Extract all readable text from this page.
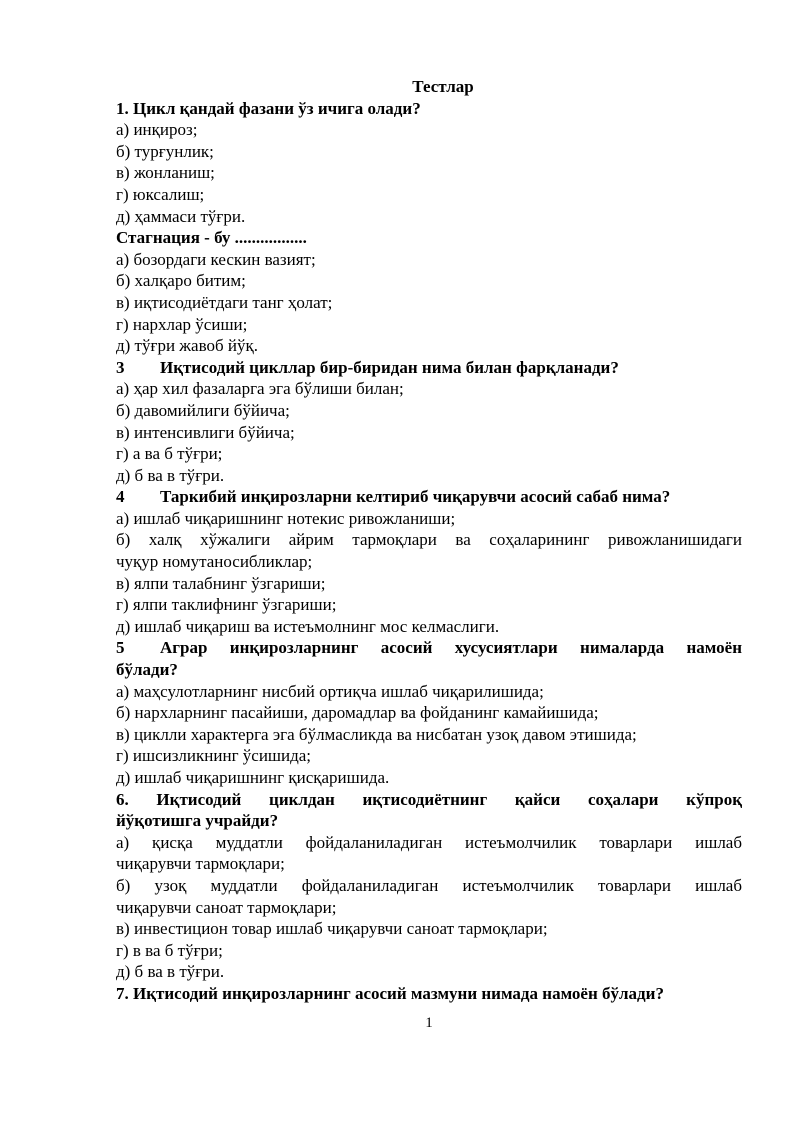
Тестлар

1. Цикл қандай фазани ўз ичига олади?

а) инқироз;

б) турғунлик;

в) жонланиш;

г) юксалиш;

д) ҳаммаси тўғри.

Стагнация - бу .................

а) бозордаги кескин вазият;

б) халқаро битим;

в) иқтисодиётдаги танг ҳолат;

г) нархлар ўсиши;

д) тўғри жавоб йўқ.

3	Иқтисодий цикллар бир-биридан нима билан фарқланади?

а) ҳар хил фазаларга эга бўлиши билан;

б) давомийлиги бўйича;

в) интенсивлиги бўйича;

г) а ва б тўғри;

д) б ва в тўғри.

4	Таркибий инқирозларни келтириб чиқарувчи асосий сабаб нима?

а) ишлаб чиқаришнинг нотекис ривожланиши;

б) халқ хўжалиги айрим тармоқлари ва соҳаларининг ривожланишидаги

чуқур номутаносибликлар;

в) ялпи талабнинг ўзгариши;

г) ялпи таклифнинг ўзгариши;

д) ишлаб чиқариш ва истеъмолнинг мос келмаслиги.

5	Аграр инқирозларнинг асосий хусусиятлари нималарда намоён

бўлади?

а) маҳсулотларнинг нисбий ортиқча ишлаб чиқарилишида;

б) нархларнинг пасайиши, даромадлар ва фойданинг камайишида;

в) циклли характерга эга бўлмасликда ва нисбатан узоқ давом этишида;

г) ишсизликнинг ўсишида;

д) ишлаб чиқаришнинг қисқаришида.

6. Иқтисодий циклдан иқтисодиётнинг қайси соҳалари кўпроқ

йўқотишга учрайди?

а) қисқа муддатли фойдаланиладиган истеъмолчилик товарлари ишлаб

чиқарувчи тармоқлари;

б) узоқ муддатли фойдаланиладиган истеъмолчилик товарлари ишлаб

чиқарувчи саноат тармоқлари;

в) инвестицион товар ишлаб чиқарувчи саноат тармоқлари;

г) в ва б тўғри;

д) б ва в тўғри.

7. Иқтисодий инқирозларнинг асосий мазмуни нимада намоён бўлади?

1
